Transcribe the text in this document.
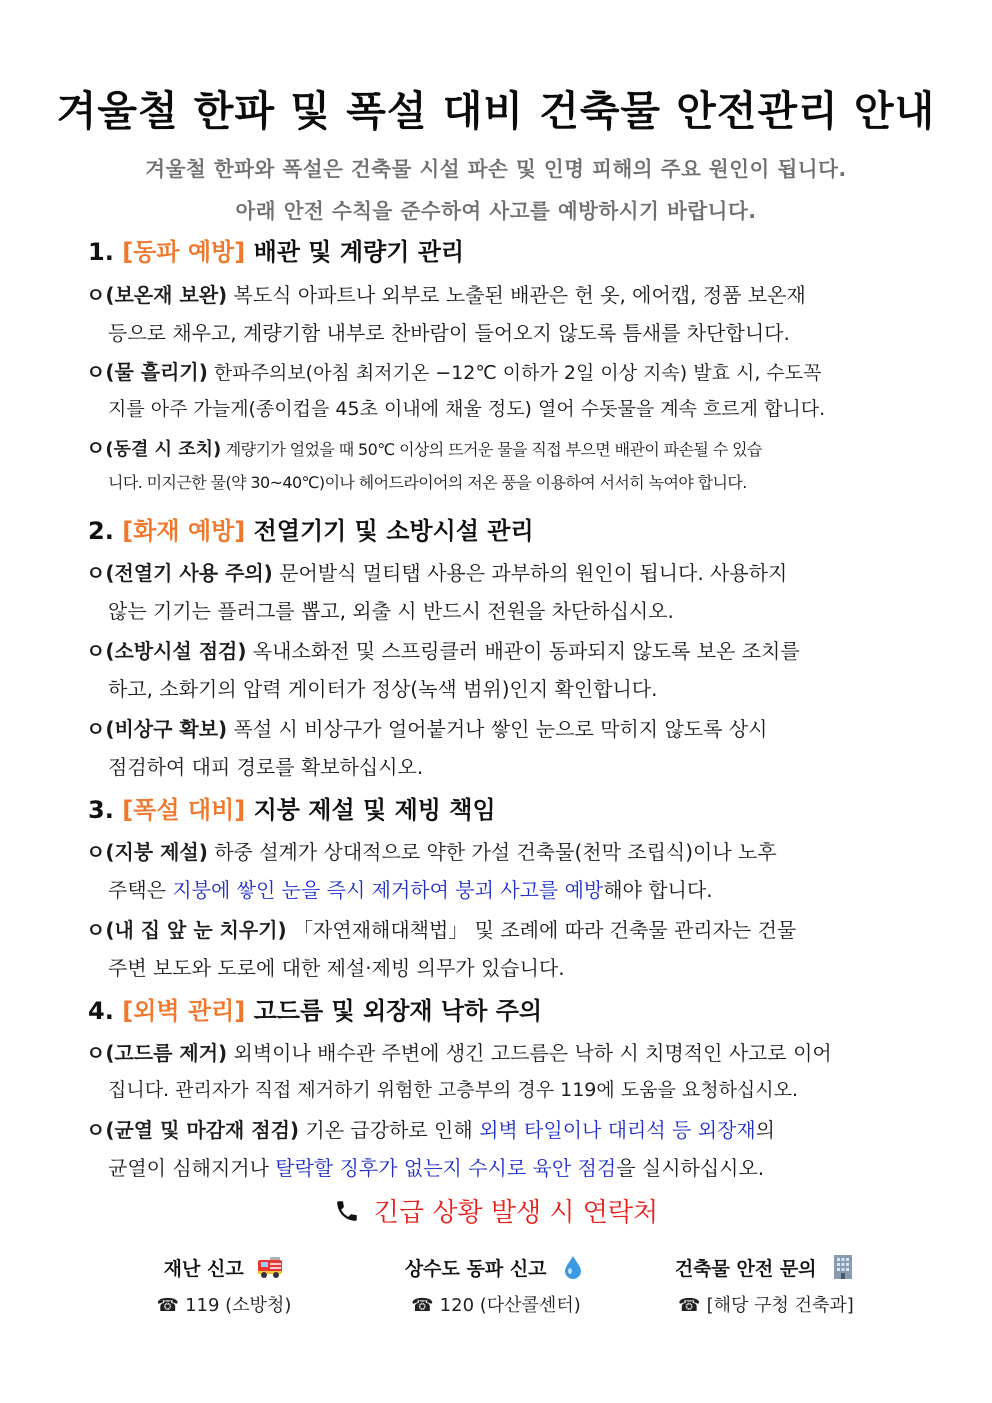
겨울철 한파 및 폭설 대비 건축물 안전관리 안내
겨울철 한파와 폭설은 건축물 시설 파손 및 인명 피해의 주요 원인이 됩니다.
아래 안전 수칙을 준수하여 사고를 예방하시기 바랍니다.
1. [동파 예방] 배관 및 계량기 관리
ㅇ(보온재 보완) 복도식 아파트나 외부로 노출된 배관은 헌 옷, 에어캡, 정품 보온재
등으로 채우고, 계량기함 내부로 찬바람이 들어오지 않도록 틈새를 차단합니다.
ㅇ(물 흘리기) 한파주의보(아침 최저기온 −12℃ 이하가 2일 이상 지속) 발효 시, 수도꼭
지를 아주 가늘게(종이컵을 45초 이내에 채울 정도) 열어 수돗물을 계속 흐르게 합니다.
ㅇ(동결 시 조치) 계량기가 얼었을 때 50℃ 이상의 뜨거운 물을 직접 부으면 배관이 파손될 수 있습
니다. 미지근한 물(약 30~40℃)이나 헤어드라이어의 저온 풍을 이용하여 서서히 녹여야 합니다.
2. [화재 예방] 전열기기 및 소방시설 관리
ㅇ(전열기 사용 주의) 문어발식 멀티탭 사용은 과부하의 원인이 됩니다. 사용하지
않는 기기는 플러그를 뽑고, 외출 시 반드시 전원을 차단하십시오.
ㅇ(소방시설 점검) 옥내소화전 및 스프링클러 배관이 동파되지 않도록 보온 조치를
하고, 소화기의 압력 게이터가 정상(녹색 범위)인지 확인합니다.
ㅇ(비상구 확보) 폭설 시 비상구가 얼어붙거나 쌓인 눈으로 막히지 않도록 상시
점검하여 대피 경로를 확보하십시오.
3. [폭설 대비] 지붕 제설 및 제빙 책임
ㅇ(지붕 제설) 하중 설계가 상대적으로 약한 가설 건축물(천막 조립식)이나 노후
주택은 지붕에 쌓인 눈을 즉시 제거하여 붕괴 사고를 예방해야 합니다.
ㅇ(내 집 앞 눈 치우기) 「자연재해대책법」 및 조례에 따라 건축물 관리자는 건물
주변 보도와 도로에 대한 제설·제빙 의무가 있습니다.
4. [외벽 관리] 고드름 및 외장재 낙하 주의
ㅇ(고드름 제거) 외벽이나 배수관 주변에 생긴 고드름은 낙하 시 치명적인 사고로 이어
집니다. 관리자가 직접 제거하기 위험한 고층부의 경우 119에 도움을 요청하십시오.
ㅇ(균열 및 마감재 점검) 기온 급강하로 인해 외벽 타일이나 대리석 등 외장재의
균열이 심해지거나 탈락할 징후가 없는지 수시로 육안 점검을 실시하십시오.
긴급 상황 발생 시 연락처
재난 신고
☎ 119 (소방청)
상수도 동파 신고
☎ 120 (다산콜센터)
건축물 안전 문의
☎ [해당 구청 건축과]
